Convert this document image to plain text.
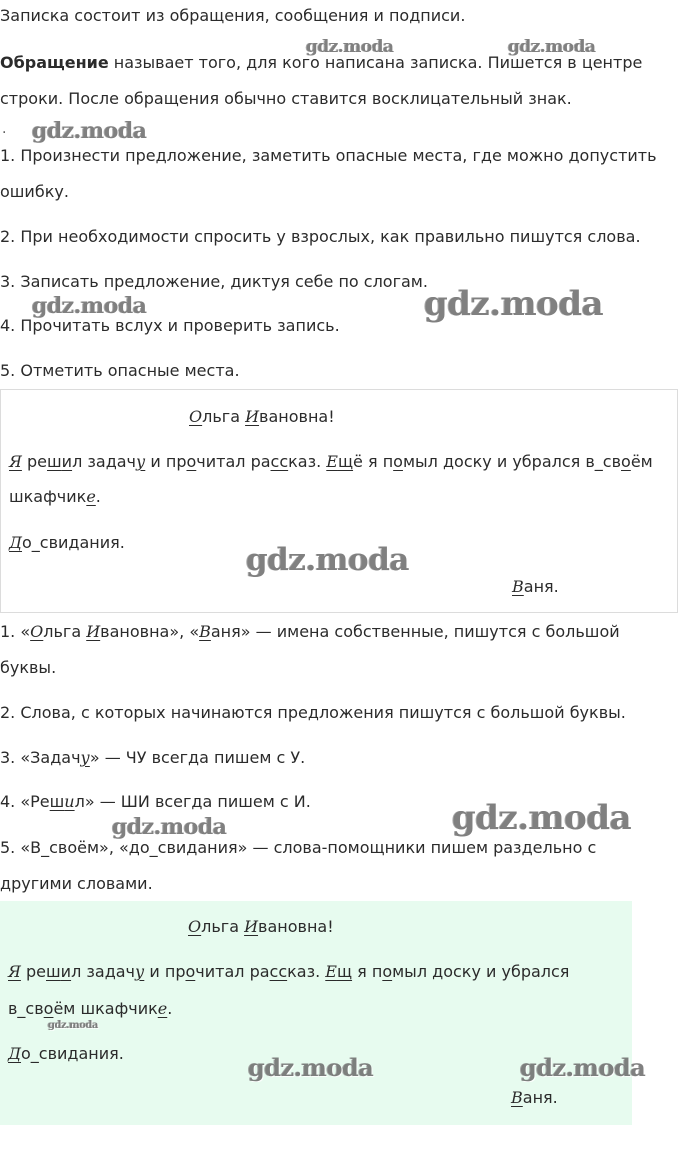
Записка состоит из обращения, сообщения и подписи.

Обращение называет того, для кого написана записка. Пишется в центре

строки. После обращения обычно ставится восклицательный знак.

·

1. Произнести предложение, заметить опасные места, где можно допустить

ошибку.

2. При необходимости спросить у взрослых, как правильно пишутся слова.

3. Записать предложение, диктуя себе по слогам.

4. Прочитать вслух и проверить запись.

5. Отметить опасные места.

Ольга Ивановна!

Я решил задачу и прочитал рассказ. Ещё я помыл доску и убрался в_своём

шкафчике.

До_свидания.

Ваня.

1. «Ольга Ивановна», «Ваня» — имена собственные, пишутся с большой

буквы.

2. Слова, с которых начинаются предложения пишутся с большой буквы.

3. «Задачу» — ЧУ всегда пишем с У.

4. «Решил» — ШИ всегда пишем с И.

5. «В_своём», «до_свидания» — слова-помощники пишем раздельно с

другими словами.

Ольга Ивановна!

Я решил задачу и прочитал рассказ. Ещ я помыл доску и убрался

в_своём шкафчике.

До_свидания.

Ваня.

gdz.moda	gdz.moda
gdz.moda
gdz.moda	gdz.moda
gdz.moda
gdz.moda
gdz.moda
gdz.moda
gdz.moda	gdz.moda
